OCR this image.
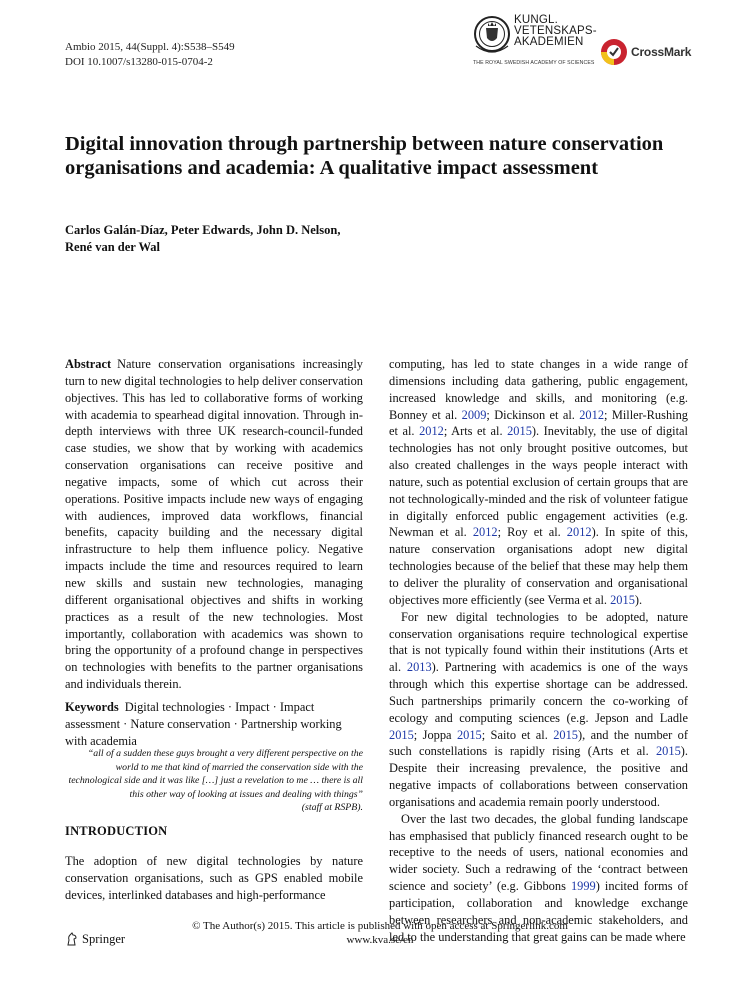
Ambio 2015, 44(Suppl. 4):S538–S549
DOI 10.1007/s13280-015-0704-2
KUNGL.
VETENSKAPS-
AKADEMIEN
THE ROYAL SWEDISH ACADEMY OF SCIENCES
CrossMark
Digital innovation through partnership between nature conservation organisations and academia: A qualitative impact assessment
Carlos Galán-Díaz, Peter Edwards, John D. Nelson,
René van der Wal

Abstract Nature conservation organisations increasingly turn to new digital technologies to help deliver conservation objectives. This has led to collaborative forms of working with academia to spearhead digital innovation. Through in-depth interviews with three UK research-council-funded case studies, we show that by working with academics conservation organisations can receive positive and negative impacts, some of which cut across their operations. Positive impacts include new ways of engaging with audiences, improved data workflows, financial benefits, capacity building and the necessary digital infrastructure to help them influence policy. Negative impacts include the time and resources required to learn new skills and sustain new technologies, managing different organisational objectives and shifts in working practices as a result of the new technologies. Most importantly, collaboration with academics was shown to bring the opportunity of a profound change in perspectives on technologies with benefits to the partner organisations and individuals therein.

Keywords Digital technologies · Impact · Impact assessment · Nature conservation · Partnership working with academia

“all of a sudden these guys brought a very different perspective on the world to me that kind of married the conservation side with the technological side and it was like […] just a revelation to me … there is all this other way of looking at issues and dealing with things”

(staff at RSPB).

INTRODUCTION

The adoption of new digital technologies by nature conservation organisations, such as GPS enabled mobile devices, interlinked databases and high-performance

computing, has led to state changes in a wide range of dimensions including data gathering, public engagement, increased knowledge and skills, and monitoring (e.g. Bonney et al. 2009; Dickinson et al. 2012; Miller-Rushing et al. 2012; Arts et al. 2015). Inevitably, the use of digital technologies has not only brought positive outcomes, but also created challenges in the ways people interact with nature, such as potential exclusion of certain groups that are not technologically-minded and the risk of volunteer fatigue in digitally enforced public engagement activities (e.g. Newman et al. 2012; Roy et al. 2012). In spite of this, nature conservation organisations adopt new digital technologies because of the belief that these may help them to deliver the plurality of conservation and organisational objectives more efficiently (see Verma et al. 2015).

For new digital technologies to be adopted, nature conservation organisations require technological expertise that is not typically found within their institutions (Arts et al. 2013). Partnering with academics is one of the ways through which this expertise shortage can be addressed. Such partnerships primarily concern the co-working of ecology and computing sciences (e.g. Jepson and Ladle 2015; Joppa 2015; Saito et al. 2015), and the number of such constellations is rapidly rising (Arts et al. 2015). Despite their increasing prevalence, the positive and negative impacts of collaborations between conservation organisations and academia remain poorly understood.

Over the last two decades, the global funding landscape has emphasised that publicly financed research ought to be receptive to the needs of users, national economies and wider society. Such a redrawing of the ‘contract between science and society’ (e.g. Gibbons 1999) incited forms of participation, collaboration and knowledge exchange between researchers and non-academic stakeholders, and led to the understanding that great gains can be made where

Springer
© The Author(s) 2015. This article is published with open access at Springerlink.com
www.kva.se/en
